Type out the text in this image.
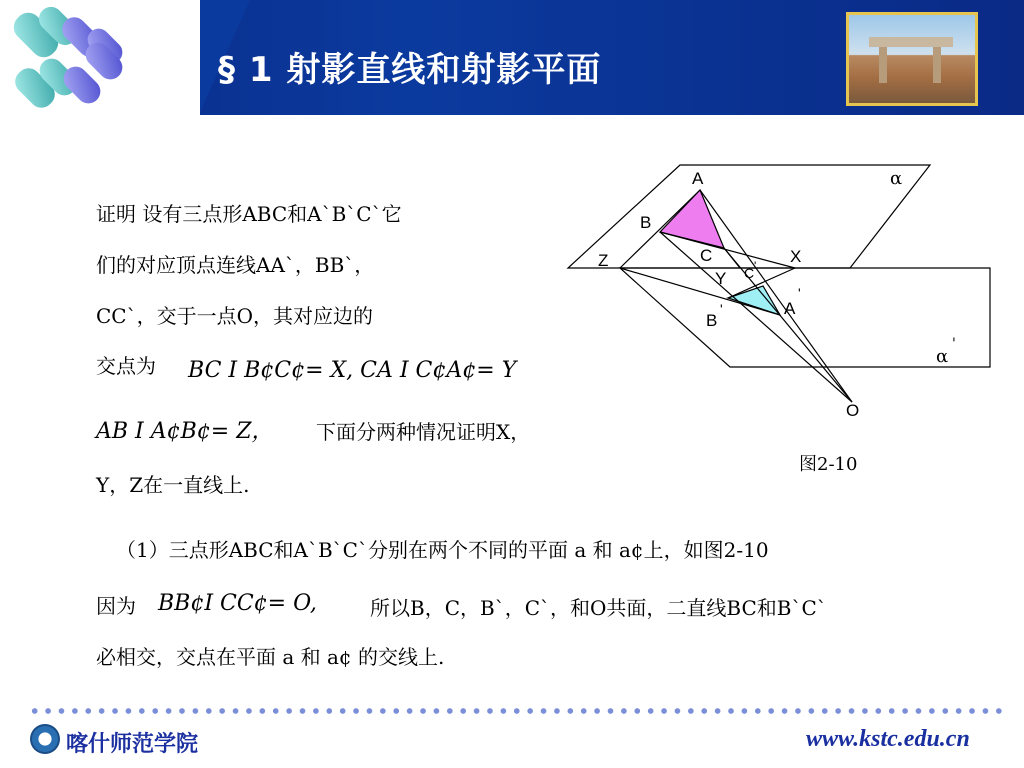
§ 1 射影直线和射影平面
证明 设有三点形ABC和A`B`C`它
们的对应顶点连线AA`，BB`，
CC`，交于一点O，其对应边的
交点为 BC I B¢C¢= X, CA I C¢A¢= Y
AB I A¢B¢= Z， 下面分两种情况证明X，
Y，Z在一直线上.
（1）三点形ABC和A`B`C`分别在两个不同的平面 a 和 a¢上，如图2-10
因为 BB¢I CC¢= O,	所以B，C，B`，C`，和O共面，二直线BC和B`C`
必相交，交点在平面 a 和 a¢ 的交线上.
A
B
C	X
Y
Z
C '
A
'
B
'
O
α
α
'
图2-10
喀什师范学院	www.kstc.edu.cn
